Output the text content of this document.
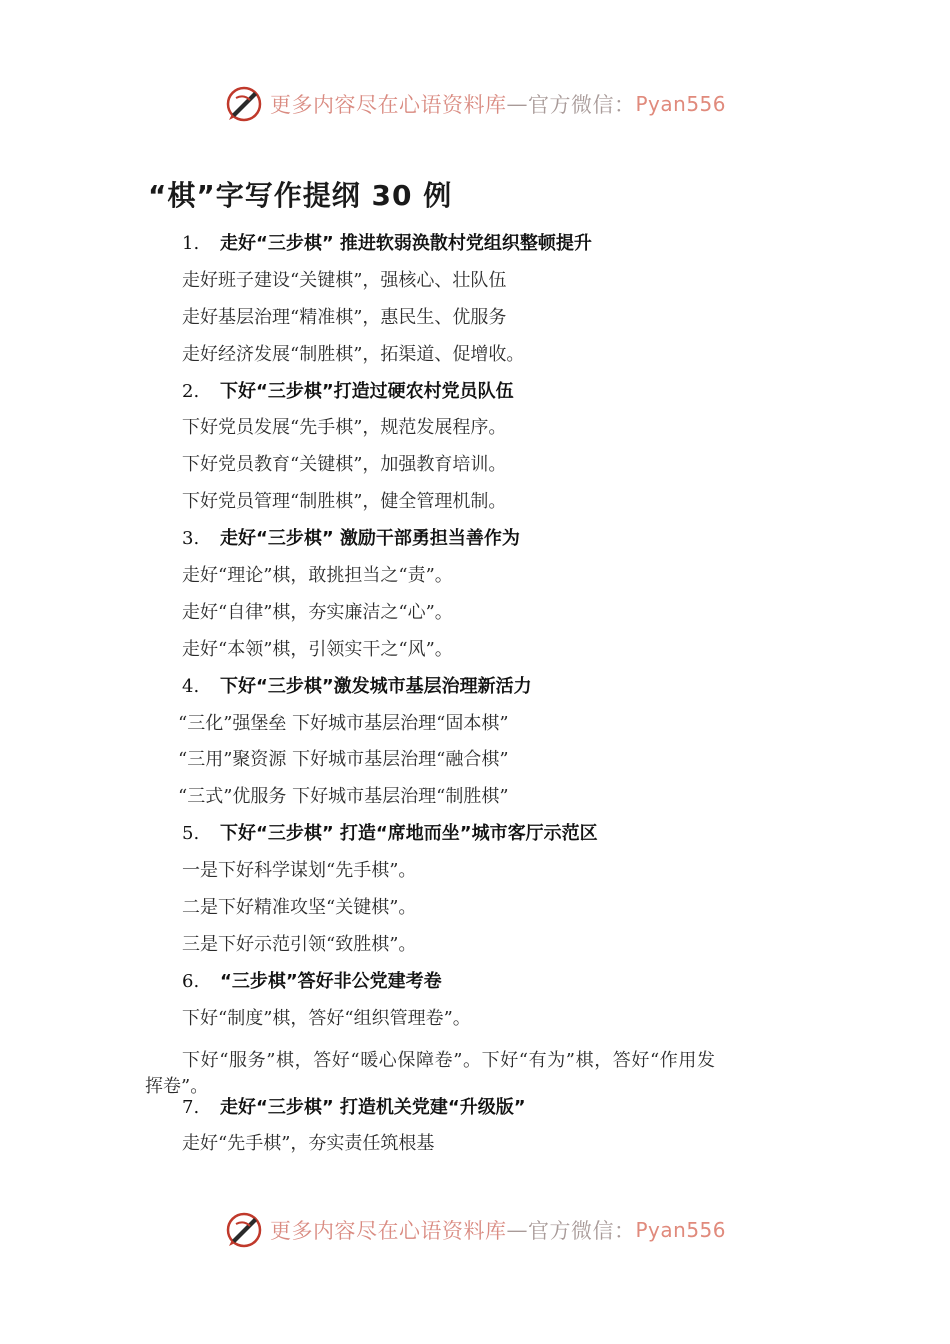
更多内容尽在心语资料库 — 官方微信： Pyan556
“棋”字写作提纲 30 例
1. 走好“三步棋” 推进软弱涣散村党组织整顿提升
走好班子建设“关键棋”，强核心、壮队伍
走好基层治理“精准棋”，惠民生、优服务
走好经济发展“制胜棋”，拓渠道、促增收。
2. 下好“三步棋”打造过硬农村党员队伍
下好党员发展“先手棋”，规范发展程序。
下好党员教育“关键棋”，加强教育培训。
下好党员管理“制胜棋”，健全管理机制。
3. 走好“三步棋” 激励干部勇担当善作为
走好“理论”棋，敢挑担当之“责”。
走好“自律”棋，夯实廉洁之“心”。
走好“本领”棋，引领实干之“风”。
4. 下好“三步棋”激发城市基层治理新活力
“三化”强堡垒 下好城市基层治理“固本棋”
“三用”聚资源 下好城市基层治理“融合棋”
“三式”优服务 下好城市基层治理“制胜棋”
5. 下好“三步棋” 打造“席地而坐”城市客厅示范区
一是下好科学谋划“先手棋”。
二是下好精准攻坚“关键棋”。
三是下好示范引领“致胜棋”。
6. “三步棋”答好非公党建考卷
下好“制度”棋，答好“组织管理卷”。
下好“服务”棋，答好“暖心保障卷”。下好“有为”棋，答好“作用发
挥卷”。
7. 走好“三步棋” 打造机关党建“升级版”
走好“先手棋”，夯实责任筑根基
更多内容尽在心语资料库 — 官方微信： Pyan556
